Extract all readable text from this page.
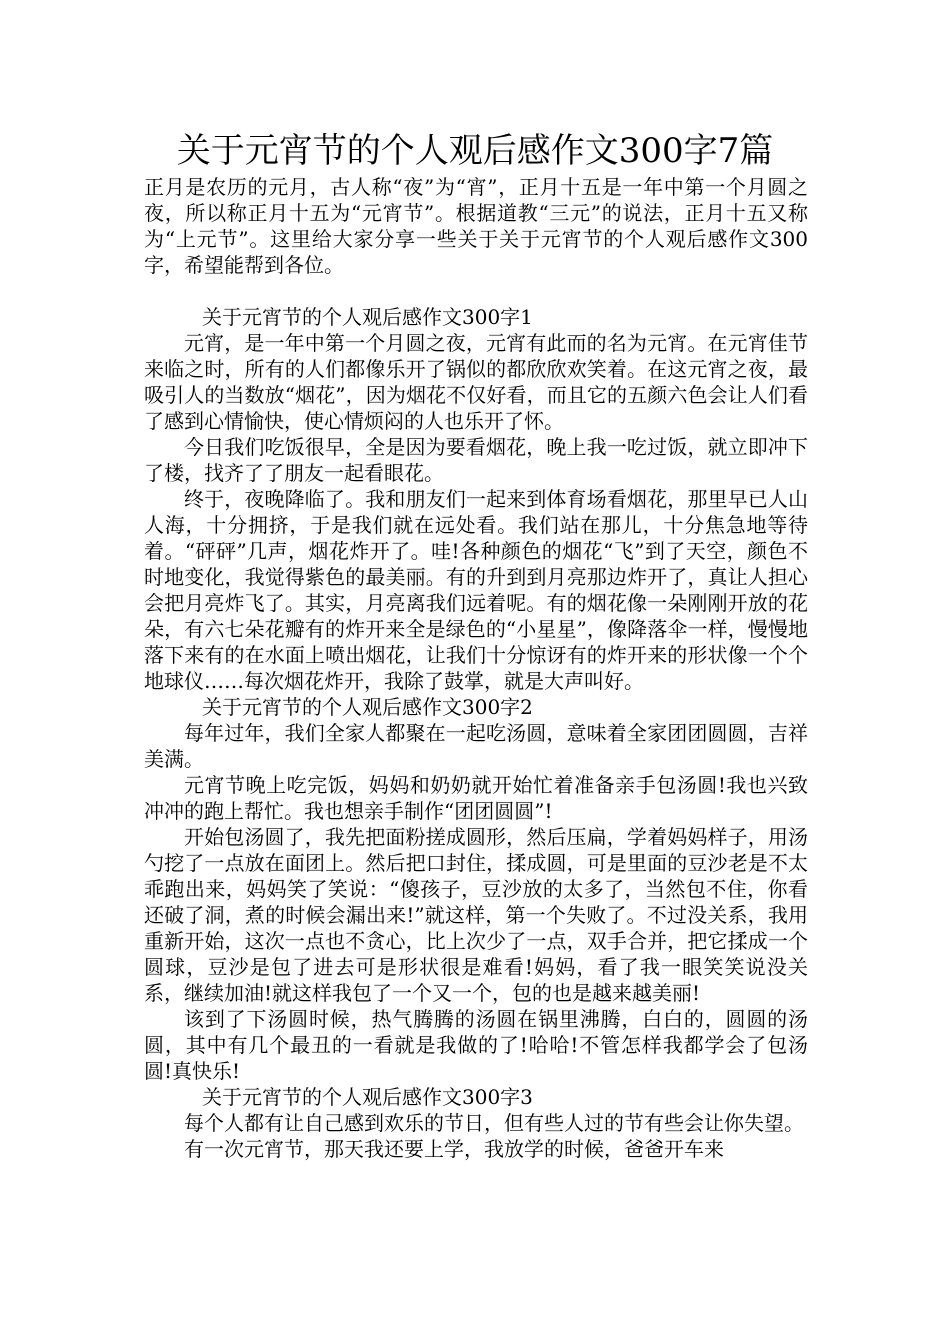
关于元宵节的个人观后感作文300字7篇

正月是农历的元月，古人称“夜”为“宵”，正月十五是一年中第一个月圆之夜，所以称正月十五为“元宵节”。根据道教“三元”的说法，正月十五又称为“上元节”。这里给大家分享一些关于关于元宵节的个人观后感作文300字，希望能帮到各位。

关于元宵节的个人观后感作文300字1

元宵，是一年中第一个月圆之夜，元宵有此而的名为元宵。在元宵佳节来临之时，所有的人们都像乐开了锅似的都欣欣欢笑着。在这元宵之夜，最吸引人的当数放“烟花”，因为烟花不仅好看，而且它的五颜六色会让人们看了感到心情愉快，使心情烦闷的人也乐开了怀。

今日我们吃饭很早，全是因为要看烟花，晚上我一吃过饭，就立即冲下了楼，找齐了了朋友一起看眼花。

终于，夜晚降临了。我和朋友们一起来到体育场看烟花，那里早已人山人海，十分拥挤，于是我们就在远处看。我们站在那儿，十分焦急地等待着。“砰砰”几声，烟花炸开了。哇!各种颜色的烟花“飞”到了天空，颜色不时地变化，我觉得紫色的最美丽。有的升到到月亮那边炸开了，真让人担心会把月亮炸飞了。其实，月亮离我们远着呢。有的烟花像一朵刚刚开放的花朵，有六七朵花瓣有的炸开来全是绿色的“小星星”，像降落伞一样，慢慢地落下来有的在水面上喷出烟花，让我们十分惊讶有的炸开来的形状像一个个地球仪……每次烟花炸开，我除了鼓掌，就是大声叫好。

关于元宵节的个人观后感作文300字2

每年过年，我们全家人都聚在一起吃汤圆，意味着全家团团圆圆，吉祥美满。

元宵节晚上吃完饭，妈妈和奶奶就开始忙着准备亲手包汤圆!我也兴致冲冲的跑上帮忙。我也想亲手制作“团团圆圆”!

开始包汤圆了，我先把面粉搓成圆形，然后压扁，学着妈妈样子，用汤勺挖了一点放在面团上。然后把口封住，揉成圆，可是里面的豆沙老是不太乖跑出来，妈妈笑了笑说：“傻孩子，豆沙放的太多了，当然包不住，你看还破了洞，煮的时候会漏出来!”就这样，第一个失败了。不过没关系，我用重新开始，这次一点也不贪心，比上次少了一点，双手合并，把它揉成一个圆球，豆沙是包了进去可是形状很是难看!妈妈，看了我一眼笑笑说没关系，继续加油!就这样我包了一个又一个，包的也是越来越美丽!

该到了下汤圆时候，热气腾腾的汤圆在锅里沸腾，白白的，圆圆的汤圆，其中有几个最丑的一看就是我做的了!哈哈!不管怎样我都学会了包汤圆!真快乐!

关于元宵节的个人观后感作文300字3

每个人都有让自己感到欢乐的节日，但有些人过的节有些会让你失望。

有一次元宵节，那天我还要上学，我放学的时候，爸爸开车来
